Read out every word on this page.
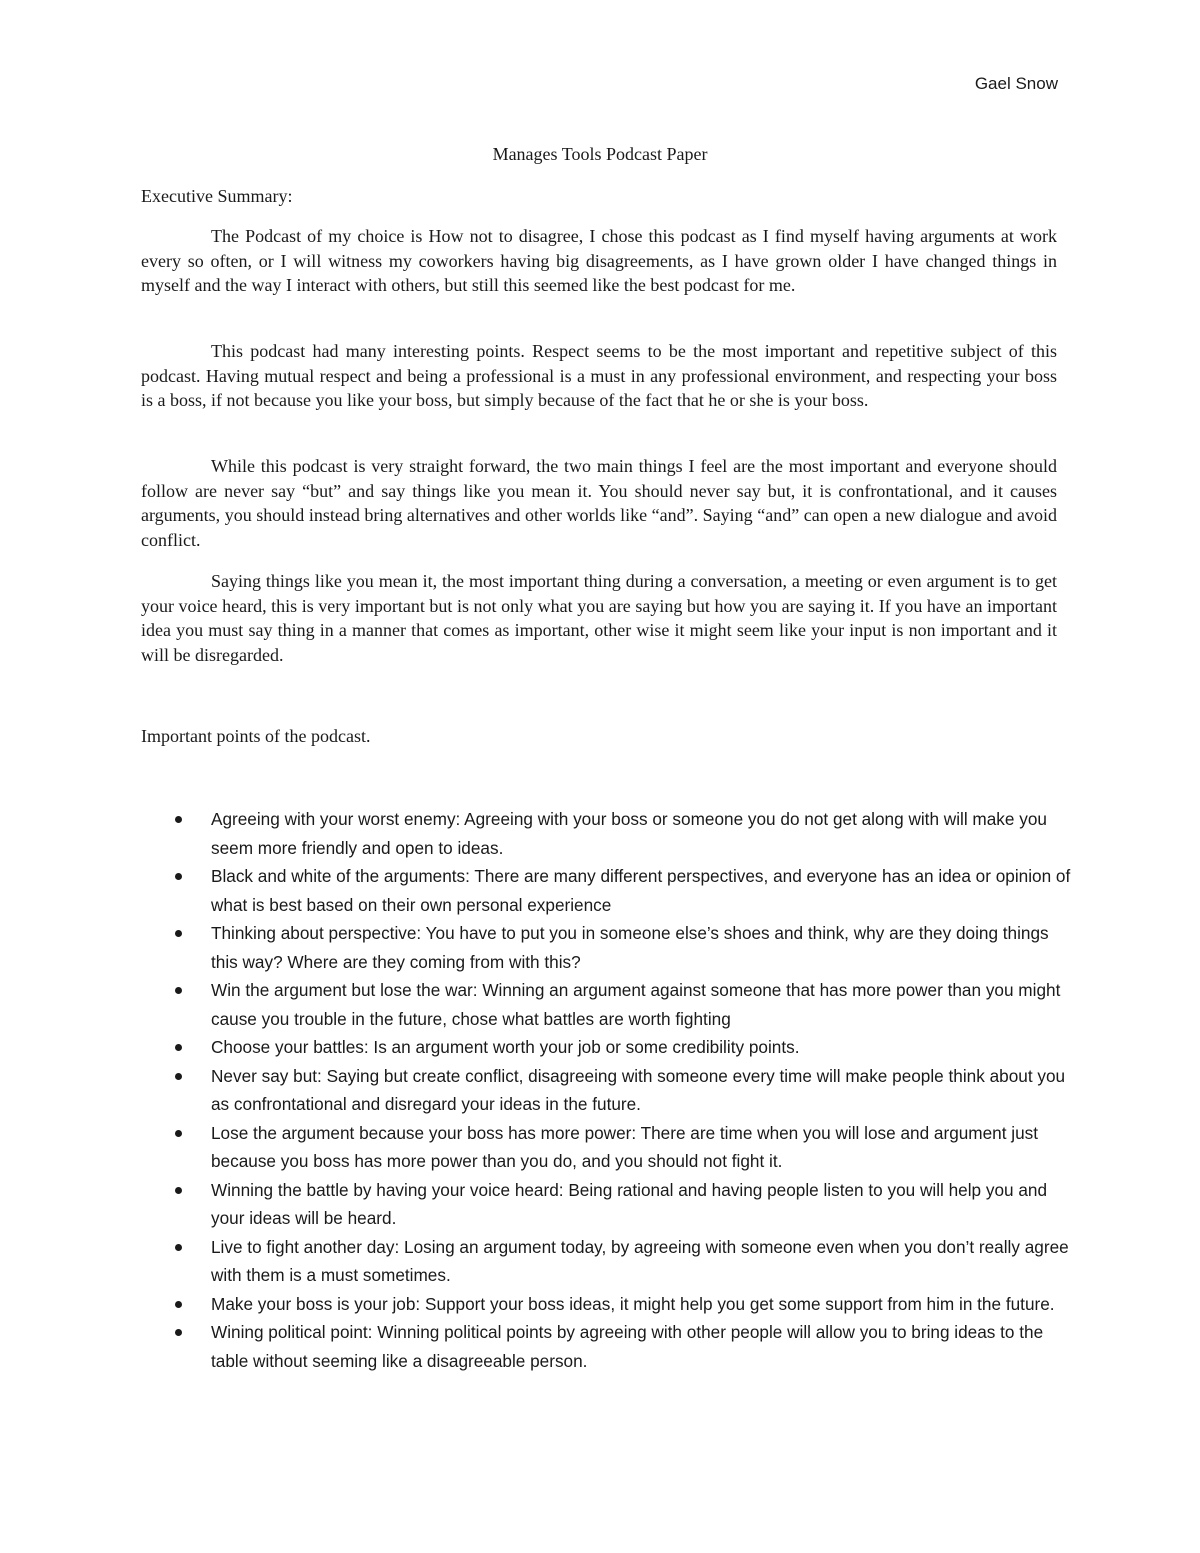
Gael Snow
Manages Tools Podcast Paper
Executive Summary:

The Podcast of my choice is How not to disagree, I chose this podcast as I find myself having arguments at work every so often, or I will witness my coworkers having big disagreements, as I have grown older I have changed things in myself and the way I interact with others, but still this seemed like the best podcast for me.

This podcast had many interesting points. Respect seems to be the most important and repetitive subject of this podcast. Having mutual respect and being a professional is a must in any professional environment, and respecting your boss is a boss, if not because you like your boss, but simply because of the fact that he or she is your boss.

While this podcast is very straight forward, the two main things I feel are the most important and everyone should follow are never say “but” and say things like you mean it. You should never say but, it is confrontational, and it causes arguments, you should instead bring alternatives and other worlds like “and”. Saying “and” can open a new dialogue and avoid conflict.

Saying things like you mean it, the most important thing during a conversation, a meeting or even argument is to get your voice heard, this is very important but is not only what you are saying but how you are saying it. If you have an important idea you must say thing in a manner that comes as important, other wise it might seem like your input is non important and it will be disregarded.

Important points of the podcast.
Agreeing with your worst enemy: Agreeing with your boss or someone you do not get along with will make you seem more friendly and open to ideas.
Black and white of the arguments: There are many different perspectives, and everyone has an idea or opinion of what is best based on their own personal experience
Thinking about perspective: You have to put you in someone else’s shoes and think, why are they doing things this way? Where are they coming from with this?
Win the argument but lose the war: Winning an argument against someone that has more power than you might cause you trouble in the future, chose what battles are worth fighting
Choose your battles: Is an argument worth your job or some credibility points.
Never say but: Saying but create conflict, disagreeing with someone every time will make people think about you as confrontational and disregard your ideas in the future.
Lose the argument because your boss has more power: There are time when you will lose and argument just because you boss has more power than you do, and you should not fight it.
Winning the battle by having your voice heard: Being rational and having people listen to you will help you and your ideas will be heard.
Live to fight another day: Losing an argument today, by agreeing with someone even when you don’t really agree with them is a must sometimes.
Make your boss is your job: Support your boss ideas, it might help you get some support from him in the future.
Wining political point: Winning political points by agreeing with other people will allow you to bring ideas to the table without seeming like a disagreeable person.
